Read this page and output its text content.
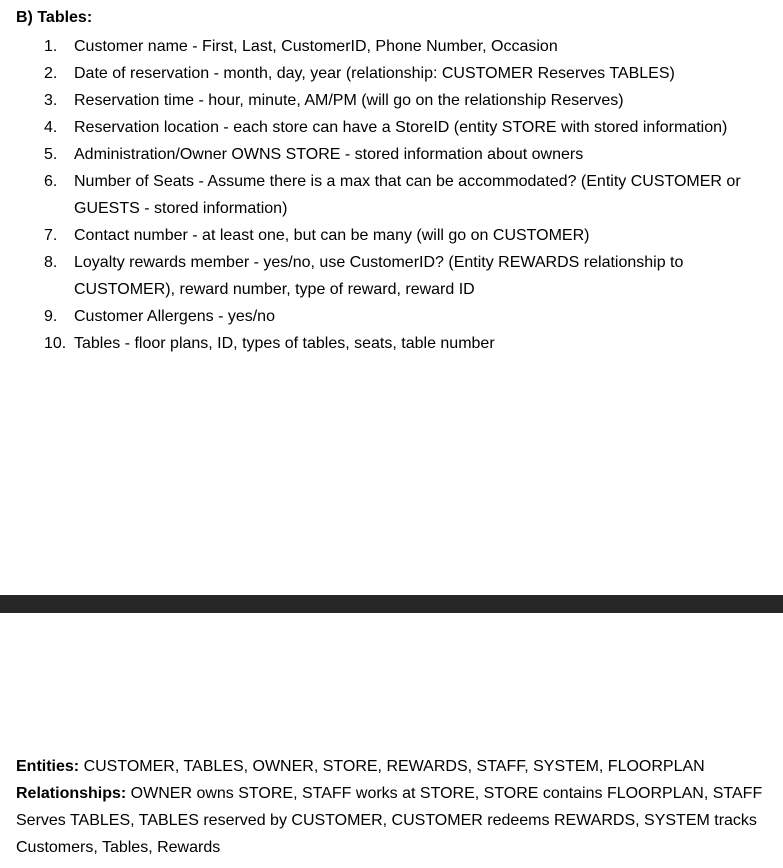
B) Tables:
1.	Customer name - First, Last, CustomerID, Phone Number, Occasion
2.	Date of reservation - month, day, year (relationship: CUSTOMER Reserves TABLES)
3.	Reservation time - hour, minute, AM/PM (will go on the relationship Reserves)
4.	Reservation location - each store can have a StoreID (entity STORE with stored information)
5.	Administration/Owner OWNS STORE - stored information about owners
6.	Number of Seats - Assume there is a max that can be accommodated? (Entity CUSTOMER or GUESTS - stored information)
7.	Contact number - at least one, but can be many (will go on CUSTOMER)
8.	Loyalty rewards member - yes/no, use CustomerID? (Entity REWARDS relationship to CUSTOMER), reward number, type of reward, reward ID
9.	Customer Allergens - yes/no
10. Tables - floor plans, ID, types of tables, seats, table number

Entities: CUSTOMER, TABLES, OWNER, STORE, REWARDS, STAFF, SYSTEM, FLOORPLAN

Relationships: OWNER owns STORE, STAFF works at STORE, STORE contains FLOORPLAN, STAFF Serves TABLES, TABLES reserved by CUSTOMER, CUSTOMER redeems REWARDS, SYSTEM tracks Customers, Tables, Rewards
